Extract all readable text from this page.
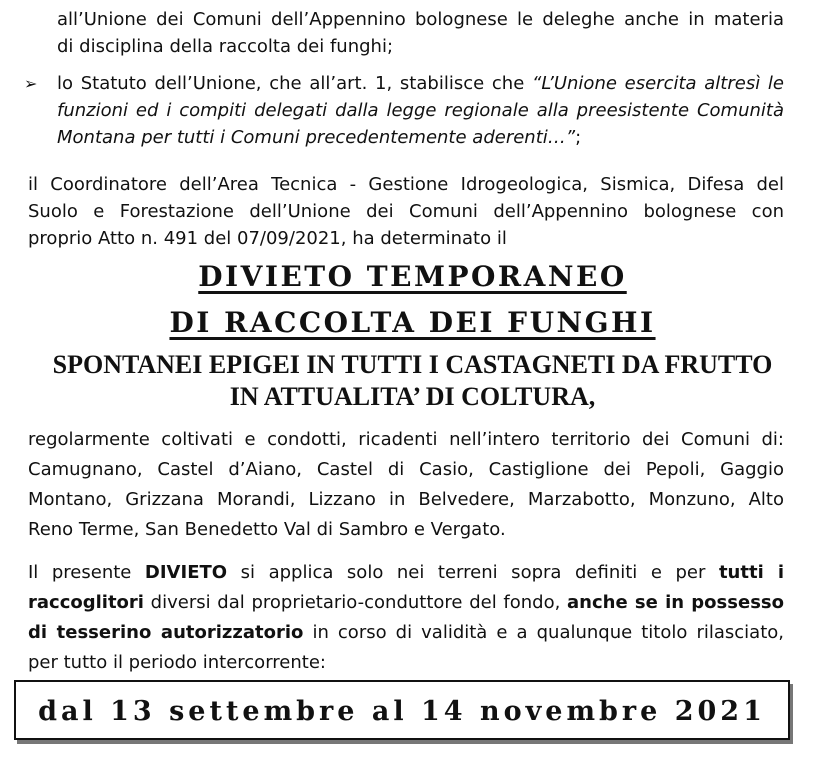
all’Unione dei Comuni dell’Appennino bolognese le deleghe anche in materia
di disciplina della raccolta dei funghi;
➢ lo Statuto dell’Unione, che all’art. 1, stabilisce che “L’Unione esercita altresì le
funzioni ed i compiti delegati dalla legge regionale alla preesistente Comunità
Montana per tutti i Comuni precedentemente aderenti…”;
il Coordinatore dell’Area Tecnica - Gestione Idrogeologica, Sismica, Difesa del
Suolo e Forestazione dell’Unione dei Comuni dell’Appennino bolognese con
proprio Atto n. 491 del 07/09/2021, ha determinato il
DIVIETO TEMPORANEO
DI RACCOLTA DEI FUNGHI
SPONTANEI EPIGEI IN TUTTI I CASTAGNETI DA FRUTTO
IN ATTUALITA’ DI COLTURA,
regolarmente coltivati e condotti, ricadenti nell’intero territorio dei Comuni di:
Camugnano, Castel d’Aiano, Castel di Casio, Castiglione dei Pepoli, Gaggio
Montano, Grizzana Morandi, Lizzano in Belvedere, Marzabotto, Monzuno, Alto
Reno Terme, San Benedetto Val di Sambro e Vergato.
Il presente DIVIETO si applica solo nei terreni sopra definiti e per tutti i
raccoglitori diversi dal proprietario-conduttore del fondo, anche se in possesso
di tesserino autorizzatorio in corso di validità e a qualunque titolo rilasciato,
per tutto il periodo intercorrente:
dal 13 settembre al 14 novembre 2021
